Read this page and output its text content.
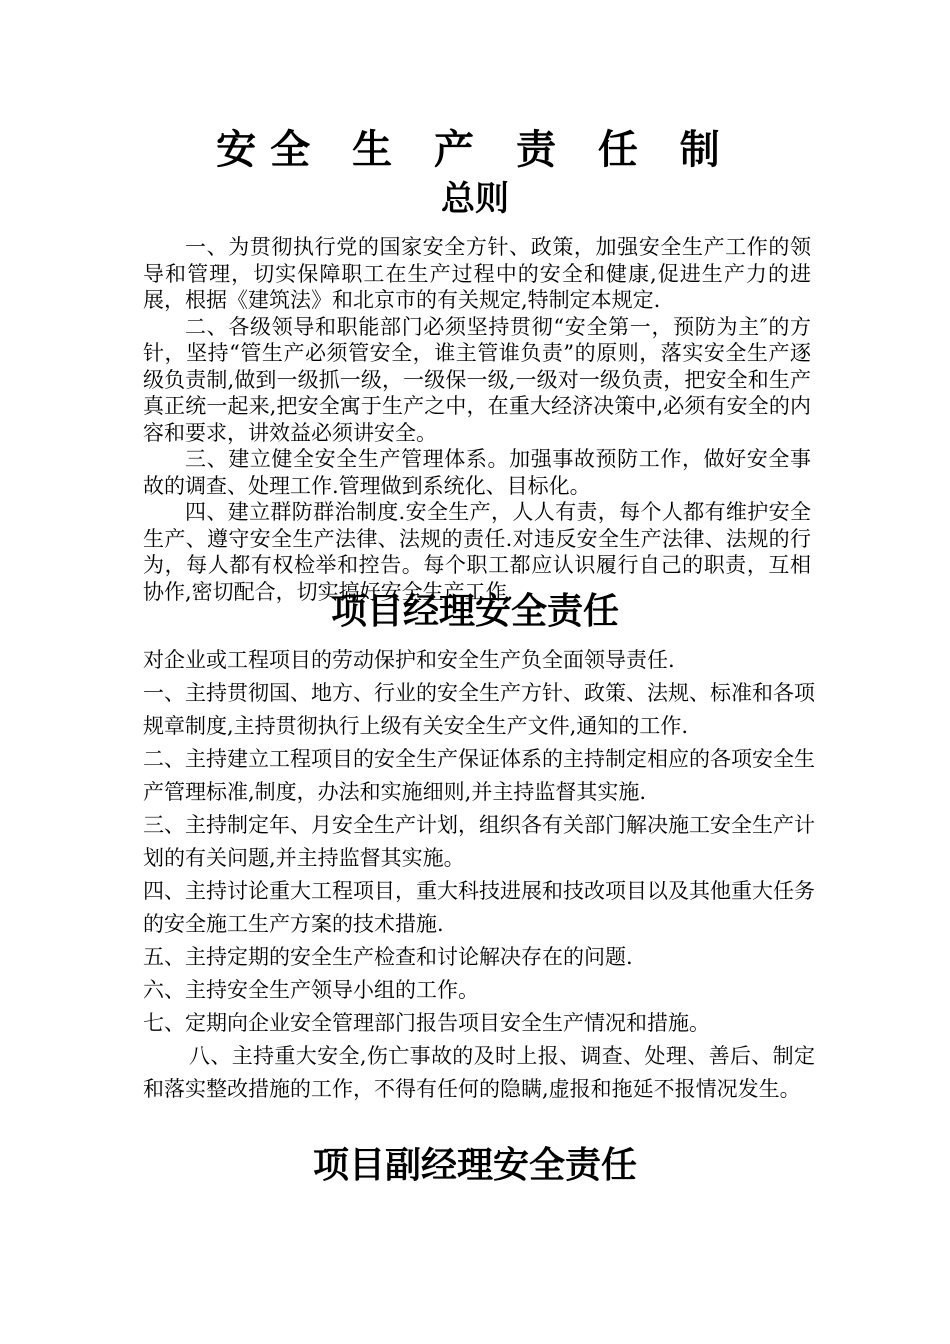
安全 生 产 责 任 制
总则

一、为贯彻执行党的国家安全方针、政策，加强安全生产工作的领导和管理，切实保障职工在生产过程中的安全和健康,促进生产力的进展，根据《建筑法》和北京市的有关规定,特制定本规定.

二、各级领导和职能部门必须坚持贯彻“安全第一，预防为主″的方针，坚持“管生产必须管安全，谁主管谁负责”的原则，落实安全生产逐级负责制,做到一级抓一级，一级保一级,一级对一级负责，把安全和生产真正统一起来,把安全寓于生产之中，在重大经济决策中,必须有安全的内容和要求，讲效益必须讲安全。

三、建立健全安全生产管理体系。加强事故预防工作，做好安全事故的调查、处理工作.管理做到系统化、目标化。

四、建立群防群治制度.安全生产，人人有责，每个人都有维护安全生产、遵守安全生产法律、法规的责任.对违反安全生产法律、法规的行为，每人都有权检举和控告。每个职工都应认识履行自己的职责，互相协作,密切配合，切实搞好安全生产工作.

项目经理安全责任

对企业或工程项目的劳动保护和安全生产负全面领导责任.

一、主持贯彻国、地方、行业的安全生产方针、政策、法规、标准和各项规章制度,主持贯彻执行上级有关安全生产文件,通知的工作.

二、主持建立工程项目的安全生产保证体系的主持制定相应的各项安全生产管理标准,制度，办法和实施细则,并主持监督其实施.

三、主持制定年、月安全生产计划，组织各有关部门解决施工安全生产计划的有关问题,并主持监督其实施。

四、主持讨论重大工程项目，重大科技进展和技改项目以及其他重大任务的安全施工生产方案的技术措施.

五、主持定期的安全生产检查和讨论解决存在的问题.

六、主持安全生产领导小组的工作。

七、定期向企业安全管理部门报告项目安全生产情况和措施。

八、主持重大安全,伤亡事故的及时上报、调查、处理、善后、制定和落实整改措施的工作，不得有任何的隐瞒,虚报和拖延不报情况发生。

项目副经理安全责任
